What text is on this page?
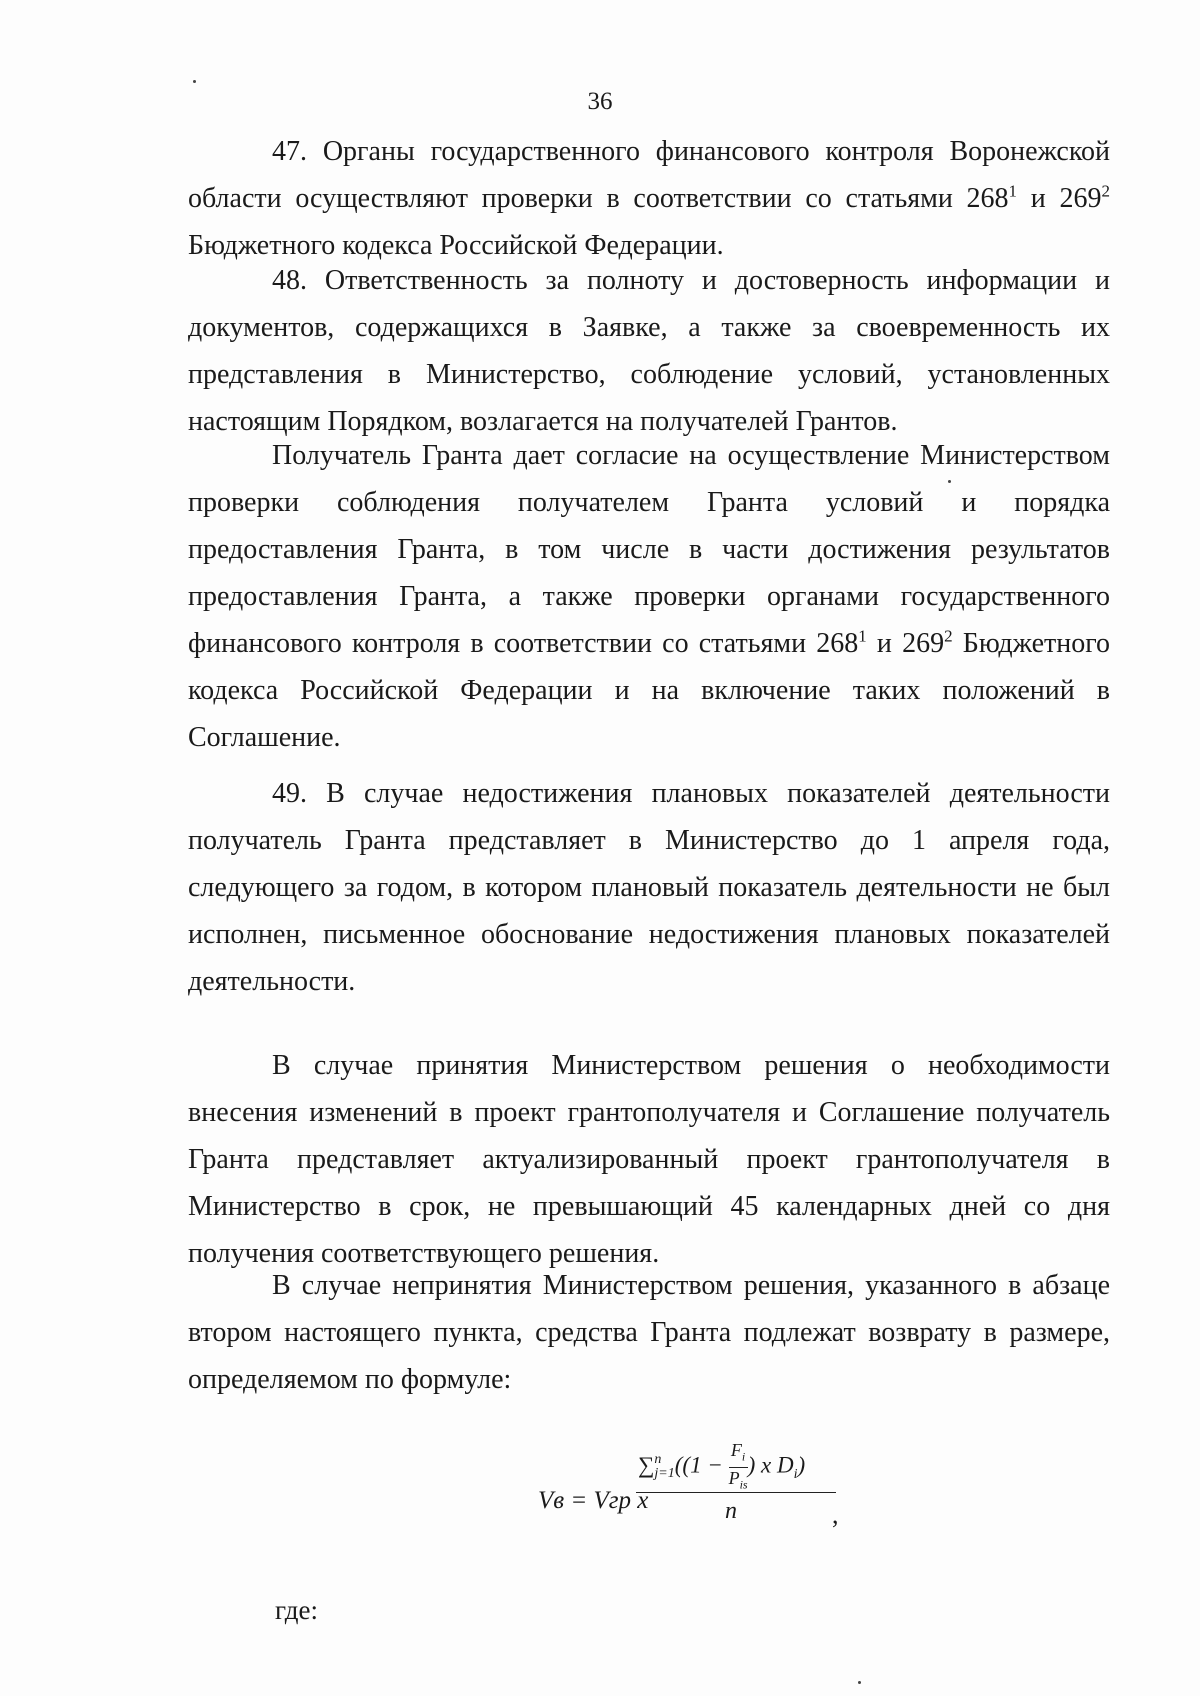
36

47. Органы государственного финансового контроля Воронежской области осуществляют проверки в соответствии со статьями $268^1$ и $269^2$ Бюджетного кодекса Российской Федерации.

48. Ответственность за полноту и достоверность информации и документов, содержащихся в Заявке, а также за своевременность их представления в Министерство, соблюдение условий, установленных настоящим Порядком, возлагается на получателей Грантов.

Получатель Гранта дает согласие на осуществление Министерством проверки соблюдения получателем Гранта условий и порядка предоставления Гранта, в том числе в части достижения результатов предоставления Гранта, а также проверки органами государственного финансового контроля в соответствии со статьями $268^1$ и $269^2$ Бюджетного кодекса Российской Федерации и на включение таких положений в Соглашение.

49. В случае недостижения плановых показателей деятельности получатель Гранта представляет в Министерство до 1 апреля года, следующего за годом, в котором плановый показатель деятельности не был исполнен, письменное обоснование недостижения плановых показателей деятельности.

В случае принятия Министерством решения о необходимости внесения изменений в проект грантополучателя и Соглашение получатель Гранта представляет актуализированный проект грантополучателя в Министерство в срок, не превышающий 45 календарных дней со дня получения соответствующего решения.

В случае непринятия Министерством решения, указанного в абзаце втором настоящего пункта, средства Гранта подлежат возврату в размере, определяемом по формуле:

Vв = Vгр x
∑ n
j=1 (($1 - \frac{F_i}{P_{is}}$ ) x $D_i$)
n	,
где:
